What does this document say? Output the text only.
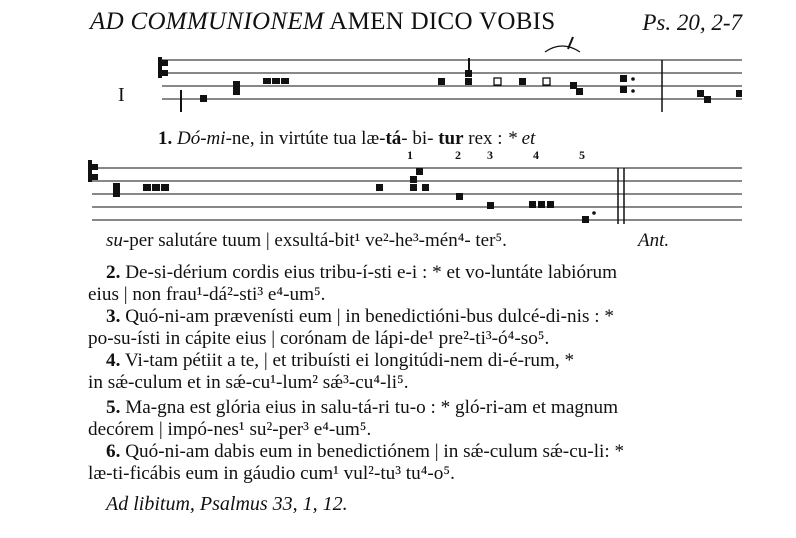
AD COMMUNIONEM AMEN DICO VOBIS	Ps. 20, 2-7
I
1. Dó-mi-ne, in virtúte tua læ-tá- bi- tur rex : * et
1	2 3	4	5
su-per salutáre tuum | exsultá-bit¹ ve²-he³-mén⁴- ter⁵.	Ant.
2. De-si-dérium cordis eius tribu-í-sti e-i : * et vo-luntáte labiórum
eius | non frau¹-dá²-sti³ e⁴-um⁵.
3. Quó-ni-am prævenísti eum | in benedictióni-bus dulcé-di-nis : *
po-su-ísti in cápite eius | corónam de lápi-de¹ pre²-ti³-ó⁴-so⁵.
4. Vi-tam pétiit a te, | et tribuísti ei longitúdi-nem di-é-rum, *
in sǽ-culum et in sǽ-cu¹-lum² sǽ³-cu⁴-li⁵.
5. Ma-gna est glória eius in salu-tá-ri tu-o : * gló-ri-am et magnum
decórem | impó-nes¹ su²-per³ e⁴-um⁵.
6. Quó-ni-am dabis eum in benedictiónem | in sǽ-culum sǽ-cu-li: *
læ-ti-ficábis eum in gáudio cum¹ vul²-tu³ tu⁴-o⁵.
Ad libitum, Psalmus 33, 1, 12.
